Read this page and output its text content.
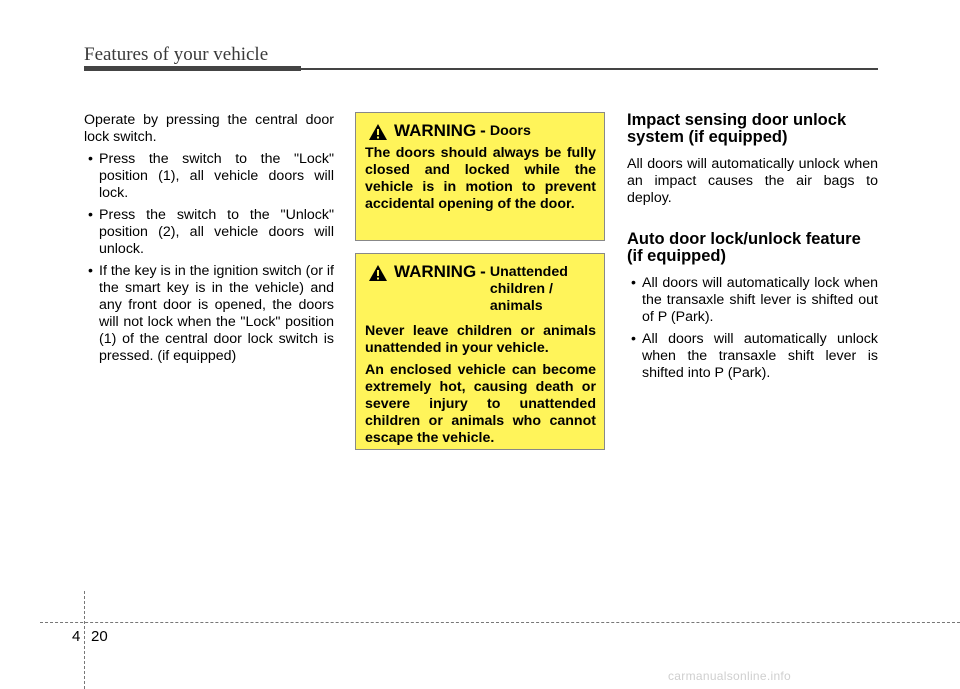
Features of your vehicle

Operate by pressing the central door lock switch.

• Press the switch to the "Lock" position (1), all vehicle doors will lock.
• Press the switch to the "Unlock" position (2), all vehicle doors will unlock.
• If the key is in the ignition switch (or if the smart key is in the vehicle) and any front door is opened, the doors will not lock when the "Lock" position (1) of the central door lock switch is pressed. (if equipped)
WARNING - Doors

The doors should always be fully closed and locked while the vehicle is in motion to prevent accidental opening of the door.

WARNING - Unattended children / animals

Never leave children or animals unattended in your vehicle.

An enclosed vehicle can become extremely hot, causing death or severe injury to unattended children or animals who cannot escape the vehicle.

Impact sensing door unlock system (if equipped)

All doors will automatically unlock when an impact causes the air bags to deploy.

Auto door lock/unlock feature (if equipped)
• All doors will automatically lock when the transaxle shift lever is shifted out of P (Park).
• All doors will automatically unlock when the transaxle shift lever is shifted into P (Park).
4 20
carmanualsonline.info
